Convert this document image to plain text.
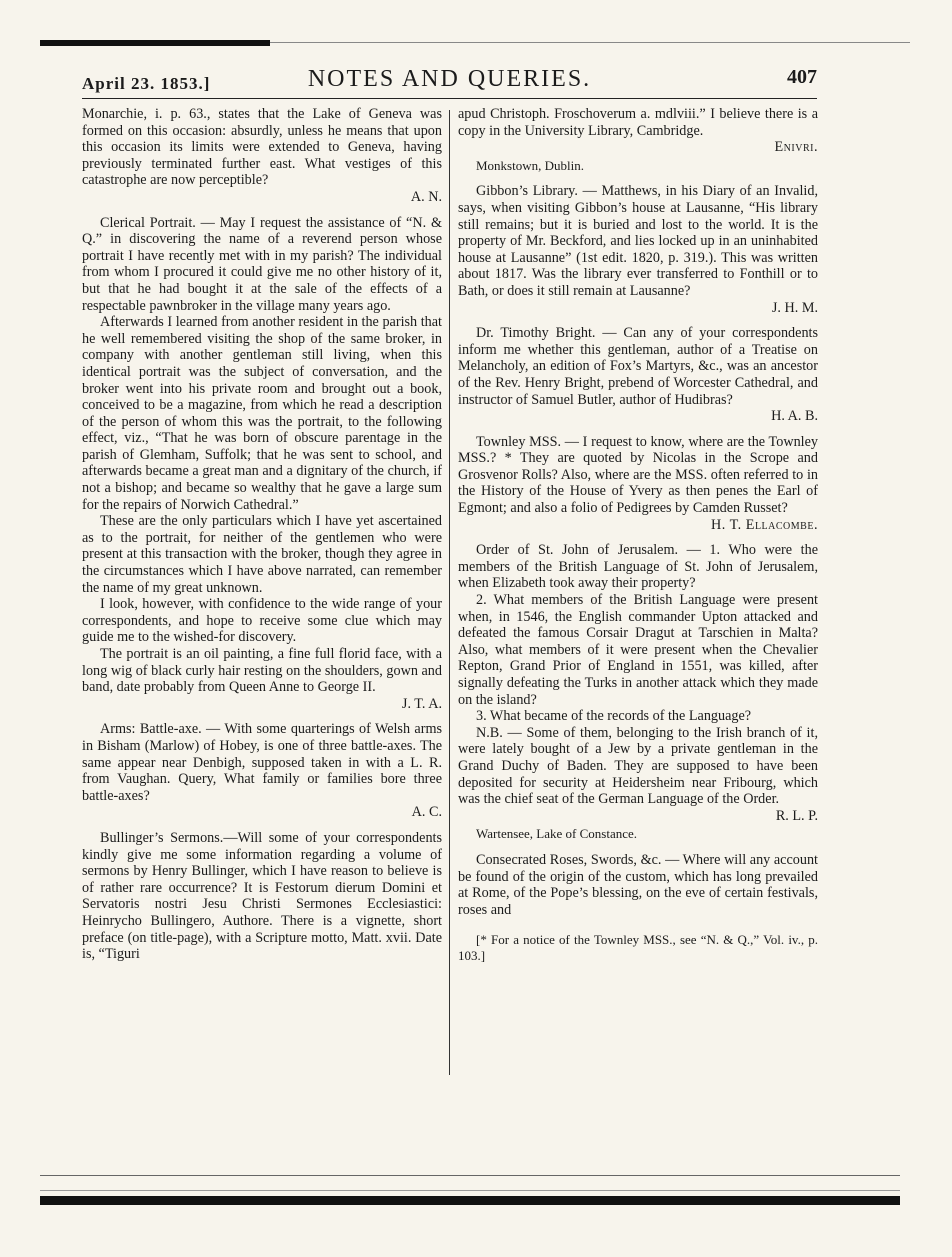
April 23. 1853.]	NOTES AND QUERIES.	407

Monarchie, i. p. 63., states that the Lake of Geneva was formed on this occasion: absurdly, unless he means that upon this occasion its limits were extended to Geneva, having previously terminated further east. What vestiges of this catastrophe are now perceptible?

A. N.

Clerical Portrait. — May I request the assistance of “N. & Q.” in discovering the name of a reverend person whose portrait I have recently met with in my parish? The individual from whom I procured it could give me no other history of it, but that he had bought it at the sale of the effects of a respectable pawnbroker in the village many years ago.

Afterwards I learned from another resident in the parish that he well remembered visiting the shop of the same broker, in company with another gentleman still living, when this identical portrait was the subject of conversation, and the broker went into his private room and brought out a book, conceived to be a magazine, from which he read a description of the person of whom this was the portrait, to the following effect, viz., “That he was born of obscure parentage in the parish of Glemham, Suffolk; that he was sent to school, and afterwards became a great man and a dignitary of the church, if not a bishop; and became so wealthy that he gave a large sum for the repairs of Norwich Cathedral.”

These are the only particulars which I have yet ascertained as to the portrait, for neither of the gentlemen who were present at this transaction with the broker, though they agree in the circumstances which I have above narrated, can remember the name of my great unknown.

I look, however, with confidence to the wide range of your correspondents, and hope to receive some clue which may guide me to the wished-for discovery.

The portrait is an oil painting, a fine full florid face, with a long wig of black curly hair resting on the shoulders, gown and band, date probably from Queen Anne to George II.

J. T. A.

Arms: Battle-axe. — With some quarterings of Welsh arms in Bisham (Marlow) of Hobey, is one of three battle-axes. The same appear near Denbigh, supposed taken in with a L. R. from Vaughan. Query, What family or families bore three battle-axes?

A. C.

Bullinger’s Sermons.—Will some of your correspondents kindly give me some information regarding a volume of sermons by Henry Bullinger, which I have reason to believe is of rather rare occurrence? It is Festorum dierum Domini et Servatoris nostri Jesu Christi Sermones Ecclesiastici: Heinrycho Bullingero, Authore. There is a vignette, short preface (on title-page), with a Scripture motto, Matt. xvii. Date is, “Tiguri

apud Christoph. Froschoverum a. mdlviii.” I believe there is a copy in the University Library, Cambridge.

Enivri.

Monkstown, Dublin.

Gibbon’s Library. — Matthews, in his Diary of an Invalid, says, when visiting Gibbon’s house at Lausanne, “His library still remains; but it is buried and lost to the world. It is the property of Mr. Beckford, and lies locked up in an uninhabited house at Lausanne” (1st edit. 1820, p. 319.). This was written about 1817. Was the library ever transferred to Fonthill or to Bath, or does it still remain at Lausanne?

J. H. M.

Dr. Timothy Bright. — Can any of your correspondents inform me whether this gentleman, author of a Treatise on Melancholy, an edition of Fox’s Martyrs, &c., was an ancestor of the Rev. Henry Bright, prebend of Worcester Cathedral, and instructor of Samuel Butler, author of Hudibras?

H. A. B.

Townley MSS. — I request to know, where are the Townley MSS.? * They are quoted by Nicolas in the Scrope and Grosvenor Rolls? Also, where are the MSS. often referred to in the History of the House of Yvery as then penes the Earl of Egmont; and also a folio of Pedigrees by Camden Russet?

H. T. Ellacombe.

Order of St. John of Jerusalem. — 1. Who were the members of the British Language of St. John of Jerusalem, when Elizabeth took away their property?

2. What members of the British Language were present when, in 1546, the English commander Upton attacked and defeated the famous Corsair Dragut at Tarschien in Malta? Also, what members of it were present when the Chevalier Repton, Grand Prior of England in 1551, was killed, after signally defeating the Turks in another attack which they made on the island?

3. What became of the records of the Language?

N.B. — Some of them, belonging to the Irish branch of it, were lately bought of a Jew by a private gentleman in the Grand Duchy of Baden. They are supposed to have been deposited for security at Heidersheim near Fribourg, which was the chief seat of the German Language of the Order.

R. L. P.

Wartensee, Lake of Constance.

Consecrated Roses, Swords, &c. — Where will any account be found of the origin of the custom, which has long prevailed at Rome, of the Pope’s blessing, on the eve of certain festivals, roses and

[* For a notice of the Townley MSS., see “N. & Q.,” Vol. iv., p. 103.]
